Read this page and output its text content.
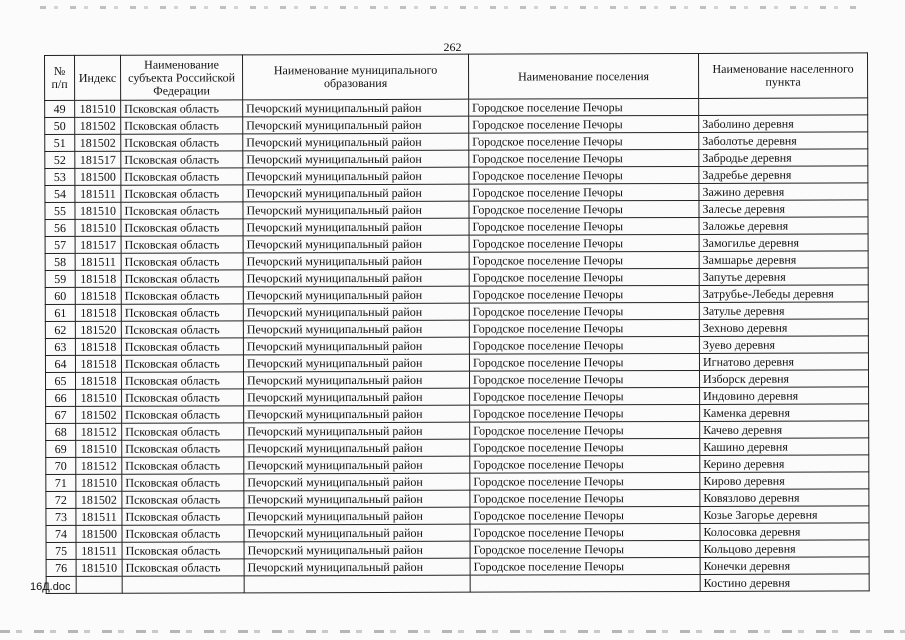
262
№ п/п	Индекс	Наименование субъекта Российской Федерации	Наименование муниципального образования	Наименование поселения	Наименование населенного пункта
49	181510	Псковская область	Печорский муниципальный район	Городское поселение Печоры	
50	181502	Псковская область	Печорский муниципальный район	Городское поселение Печоры	Заболино деревня
51	181502	Псковская область	Печорский муниципальный район	Городское поселение Печоры	Заболотье деревня
52	181517	Псковская область	Печорский муниципальный район	Городское поселение Печоры	Забродье деревня
53	181500	Псковская область	Печорский муниципальный район	Городское поселение Печоры	Задребье деревня
54	181511	Псковская область	Печорский муниципальный район	Городское поселение Печоры	Зажино деревня
55	181510	Псковская область	Печорский муниципальный район	Городское поселение Печоры	Залесье деревня
56	181510	Псковская область	Печорский муниципальный район	Городское поселение Печоры	Заложье деревня
57	181517	Псковская область	Печорский муниципальный район	Городское поселение Печоры	Замогилье деревня
58	181511	Псковская область	Печорский муниципальный район	Городское поселение Печоры	Замшарье деревня
59	181518	Псковская область	Печорский муниципальный район	Городское поселение Печоры	Запутье деревня
60	181518	Псковская область	Печорский муниципальный район	Городское поселение Печоры	Затрубье-Лебеды деревня
61	181518	Псковская область	Печорский муниципальный район	Городское поселение Печоры	Затулье деревня
62	181520	Псковская область	Печорский муниципальный район	Городское поселение Печоры	Зехново деревня
63	181518	Псковская область	Печорский муниципальный район	Городское поселение Печоры	Зуево деревня
64	181518	Псковская область	Печорский муниципальный район	Городское поселение Печоры	Игнатово деревня
65	181518	Псковская область	Печорский муниципальный район	Городское поселение Печоры	Изборск деревня
66	181510	Псковская область	Печорский муниципальный район	Городское поселение Печоры	Индовино деревня
67	181502	Псковская область	Печорский муниципальный район	Городское поселение Печоры	Каменка деревня
68	181512	Псковская область	Печорский муниципальный район	Городское поселение Печоры	Качево деревня
69	181510	Псковская область	Печорский муниципальный район	Городское поселение Печоры	Кашино деревня
70	181512	Псковская область	Печорский муниципальный район	Городское поселение Печоры	Керино деревня
71	181510	Псковская область	Печорский муниципальный район	Городское поселение Печоры	Кирово деревня
72	181502	Псковская область	Печорский муниципальный район	Городское поселение Печоры	Ковязлово деревня
73	181511	Псковская область	Печорский муниципальный район	Городское поселение Печоры	Козье Загорье деревня
74	181500	Псковская область	Печорский муниципальный район	Городское поселение Печоры	Колосовка деревня
75	181511	Псковская область	Печорский муниципальный район	Городское поселение Печоры	Кольцово деревня
76	181510	Псковская область	Печорский муниципальный район	Городское поселение Печоры	Конечки деревня
					Костино деревня
16Д.doc
